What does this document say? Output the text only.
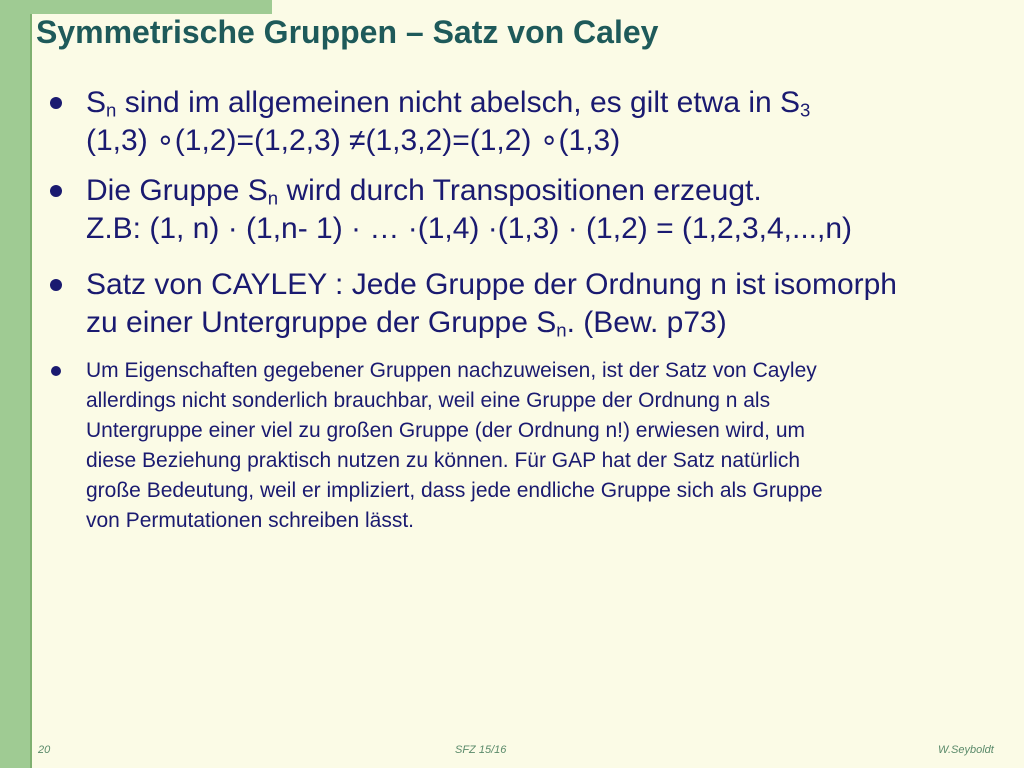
Symmetrische Gruppen – Satz von Caley
$S_n$ sind im allgemeinen nicht abelsch, es gilt etwa in $S_3$
(1,3) ∘(1,2)=(1,2,3) ≠(1,3,2)=(1,2) ∘(1,3)
Die Gruppe $S_n$ wird durch Transpositionen erzeugt.
Z.B: (1, n) · (1,n- 1) · … ·(1,4) ·(1,3) · (1,2) = (1,2,3,4,...,n)
Satz von CAYLEY : Jede Gruppe der Ordnung n ist isomorph
zu einer Untergruppe der Gruppe $S_n$. (Bew. p73)
Um Eigenschaften gegebener Gruppen nachzuweisen, ist der Satz von Cayley
allerdings nicht sonderlich brauchbar, weil eine Gruppe der Ordnung n als
Untergruppe einer viel zu großen Gruppe (der Ordnung n!) erwiesen wird, um
diese Beziehung praktisch nutzen zu können. Für GAP hat der Satz natürlich
große Bedeutung, weil er impliziert, dass jede endliche Gruppe sich als Gruppe
von Permutationen schreiben lässt.
20	SFZ 15/16	W.Seyboldt
